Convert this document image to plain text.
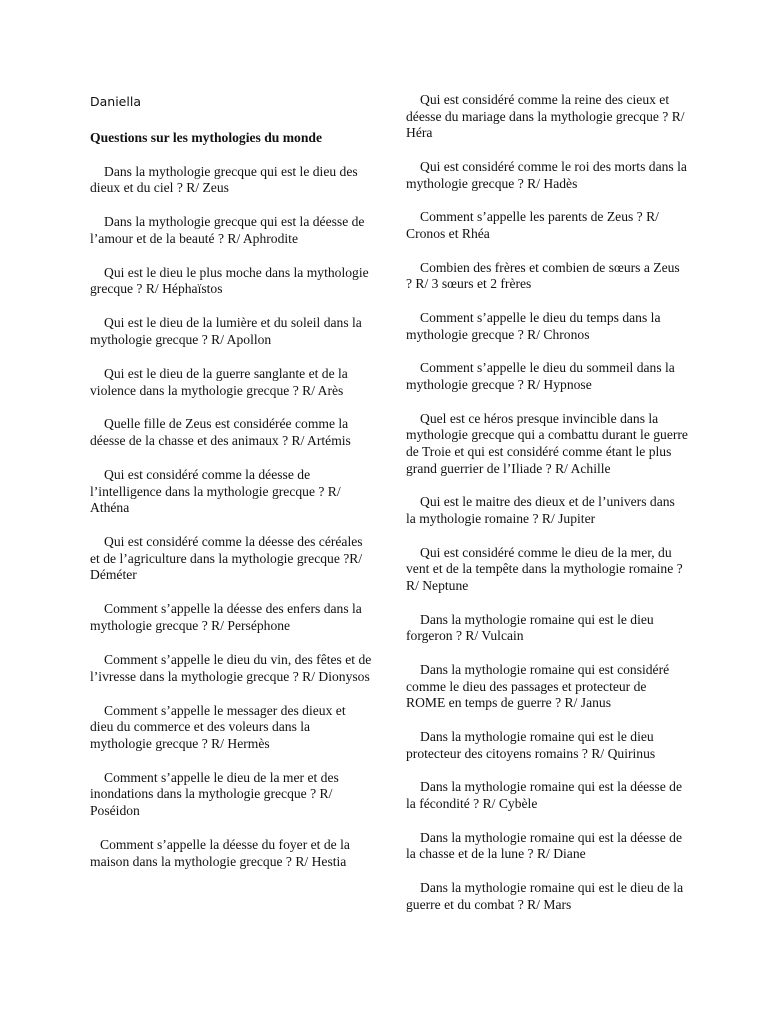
Daniella

Questions sur les mythologies du monde

Dans la mythologie grecque qui est le dieu des dieux et du ciel ? R/ Zeus

Dans la mythologie grecque qui est la déesse de l’amour et de la beauté ? R/ Aphrodite

Qui est le dieu le plus moche dans la mythologie grecque ? R/ Héphaïstos

Qui est le dieu de la lumière et du soleil dans la mythologie grecque ? R/ Apollon

Qui est le dieu de la guerre sanglante et de la violence dans la mythologie grecque ? R/ Arès

Quelle fille de Zeus est considérée comme la déesse de la chasse et des animaux ? R/ Artémis

Qui est considéré comme la déesse de l’intelligence dans la mythologie grecque ? R/ Athéna

Qui est considéré comme la déesse des céréales et de l’agriculture dans la mythologie grecque ?R/ Déméter

Comment s’appelle la déesse des enfers dans la mythologie grecque ? R/ Perséphone

Comment s’appelle le dieu du vin, des fêtes et de l’ivresse dans la mythologie grecque ? R/ Dionysos

Comment s’appelle le messager des dieux et dieu du commerce et des voleurs dans la mythologie grecque ? R/ Hermès

Comment s’appelle le dieu de la mer et des inondations dans la mythologie grecque ? R/ Poséidon

Comment s’appelle la déesse du foyer et de la maison dans la mythologie grecque ? R/ Hestia

Qui est considéré comme la reine des cieux et déesse du mariage dans la mythologie grecque ? R/ Héra

Qui est considéré comme le roi des morts dans la mythologie grecque ? R/ Hadès

Comment s’appelle les parents de Zeus ? R/ Cronos et Rhéa

Combien des frères et combien de sœurs a Zeus ? R/ 3 sœurs et 2 frères

Comment s’appelle le dieu du temps dans la mythologie grecque ? R/ Chronos

Comment s’appelle le dieu du sommeil dans la mythologie grecque ? R/ Hypnose

Quel est ce héros presque invincible dans la mythologie grecque qui a combattu durant le guerre de Troie et qui est considéré comme étant le plus grand guerrier de l’Iliade ? R/ Achille

Qui est le maitre des dieux et de l’univers dans la mythologie romaine ? R/ Jupiter

Qui est considéré comme le dieu de la mer, du vent et de la tempête dans la mythologie romaine ? R/ Neptune

Dans la mythologie romaine qui est le dieu forgeron ? R/ Vulcain

Dans la mythologie romaine qui est considéré comme le dieu des passages et protecteur de ROME en temps de guerre ? R/ Janus

Dans la mythologie romaine qui est le dieu protecteur des citoyens romains ? R/ Quirinus

Dans la mythologie romaine qui est la déesse de la fécondité ? R/ Cybèle

Dans la mythologie romaine qui est la déesse de la chasse et de la lune ? R/ Diane

Dans la mythologie romaine qui est le dieu de la guerre et du combat ? R/ Mars
